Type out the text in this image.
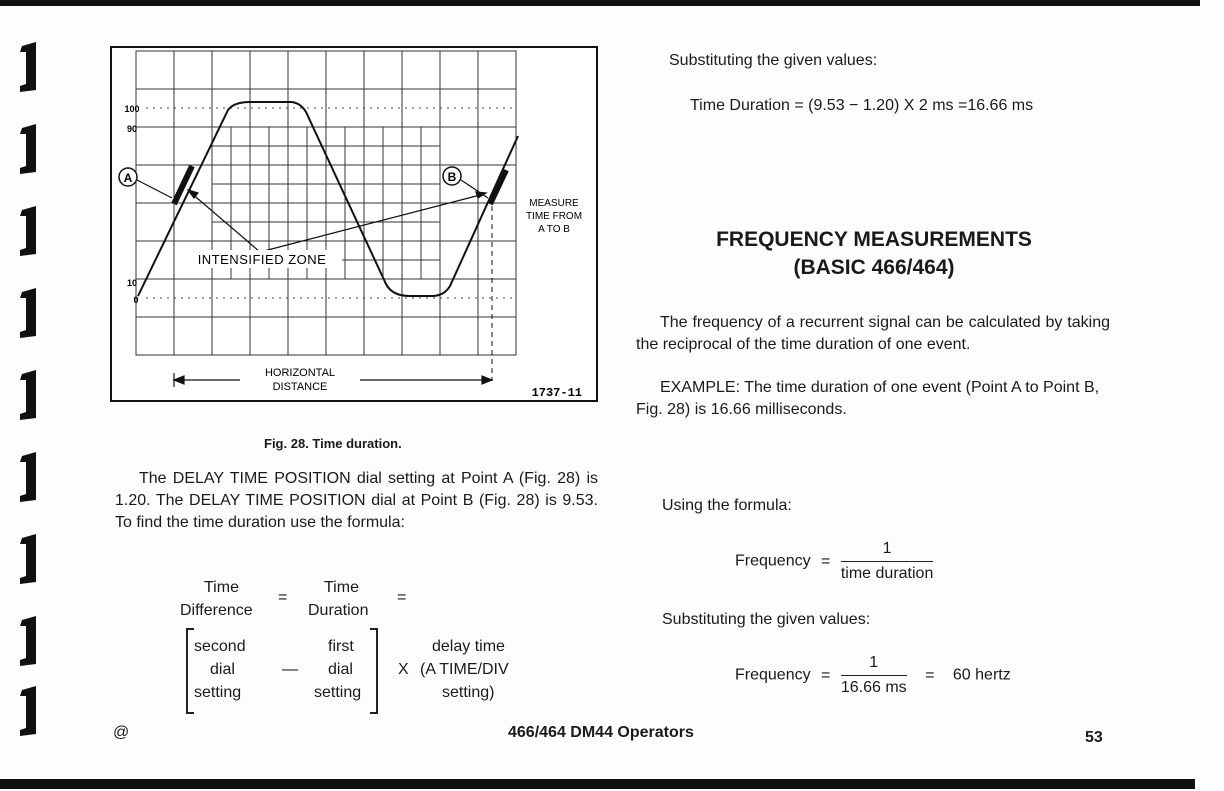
A	B
INTENSIFIED ZONE
100
90
10
0
MEASURE
TIME FROM
A TO B
HORIZONTAL
DISTANCE	1737-11
Fig. 28. Time duration.
The DELAY TIME POSITION dial setting at Point A (Fig. 28) is 1.20. The DELAY TIME POSITION dial at Point B (Fig. 28) is 9.53. To find the time duration use the formula:
Time
Difference
=
Time
Duration
=
second
dial
setting
—
first
dial
setting
X
delay time
(A TIME/DIV
setting)
Substituting the given values:
Time Duration = (9.53 − 1.20) X 2 ms =16.66 ms
FREQUENCY MEASUREMENTS
(BASIC 466/464)
The frequency of a recurrent signal can be calculated by taking the reciprocal of the time duration of one event.
EXAMPLE: The time duration of one event (Point A to Point B, Fig. 28) is 16.66 milliseconds.
Using the formula:
Frequency = $\frac{1}{\text{time duration}}$
Substituting the given values:
Frequency = $\frac{1}{16.66 ms} = 60$ hertz
@	466/464 DM44 Operators	53
